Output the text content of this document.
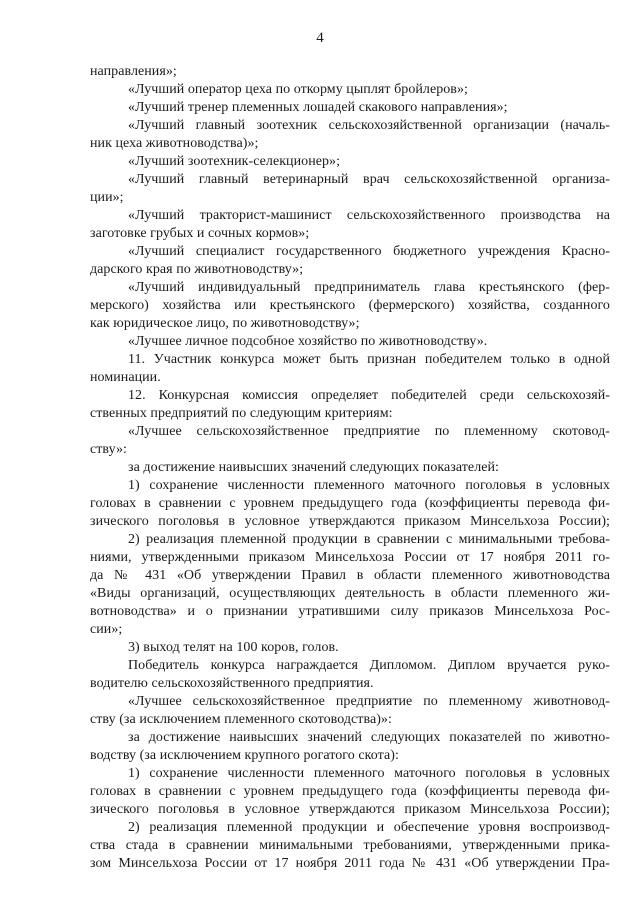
4
направления»;
«Лучший оператор цеха по откорму цыплят бройлеров»;
«Лучший тренер племенных лошадей скакового направления»;
«Лучший главный зоотехник сельскохозяйственной организации (началь-
ник цеха животноводства)»;
«Лучший зоотехник-селекционер»;
«Лучший главный ветеринарный врач сельскохозяйственной организа-
ции»;
«Лучший тракторист-машинист сельскохозяйственного производства на
заготовке грубых и сочных кормов»;
«Лучший специалист государственного бюджетного учреждения Красно-
дарского края по животноводству»;
«Лучший индивидуальный предприниматель глава крестьянского (фер-
мерского) хозяйства или крестьянского (фермерского) хозяйства, созданного
как юридическое лицо, по животноводству»;
«Лучшее личное подсобное хозяйство по животноводству».
11. Участник конкурса может быть признан победителем только в одной
номинации.
12. Конкурсная комиссия определяет победителей среди сельскохозяй-
ственных предприятий по следующим критериям:
«Лучшее сельскохозяйственное предприятие по племенному скотовод-
ству»:
за достижение наивысших значений следующих показателей:
1) сохранение численности племенного маточного поголовья в условных
головах в сравнении с уровнем предыдущего года (коэффициенты перевода фи-
зического поголовья в условное утверждаются приказом Минсельхоза России);
2) реализация племенной продукции в сравнении с минимальными требова-
ниями, утвержденными приказом Минсельхоза России от 17 ноября 2011 го-
да № 431 «Об утверждении Правил в области племенного животноводства
«Виды организаций, осуществляющих деятельность в области племенного жи-
вотноводства» и о признании утратившими силу приказов Минсельхоза Рос-
сии»;
3) выход телят на 100 коров, голов.
Победитель конкурса награждается Дипломом. Диплом вручается руко-
водителю сельскохозяйственного предприятия.
«Лучшее сельскохозяйственное предприятие по племенному животновод-
ству (за исключением племенного скотоводства)»:
за достижение наивысших значений следующих показателей по животно-
водству (за исключением крупного рогатого скота):
1) сохранение численности племенного маточного поголовья в условных
головах в сравнении с уровнем предыдущего года (коэффициенты перевода фи-
зического поголовья в условное утверждаются приказом Минсельхоза России);
2) реализация племенной продукции и обеспечение уровня воспроизвод-
ства стада в сравнении минимальными требованиями, утвержденными прика-
зом Минсельхоза России от 17 ноября 2011 года № 431 «Об утверждении Пра-
